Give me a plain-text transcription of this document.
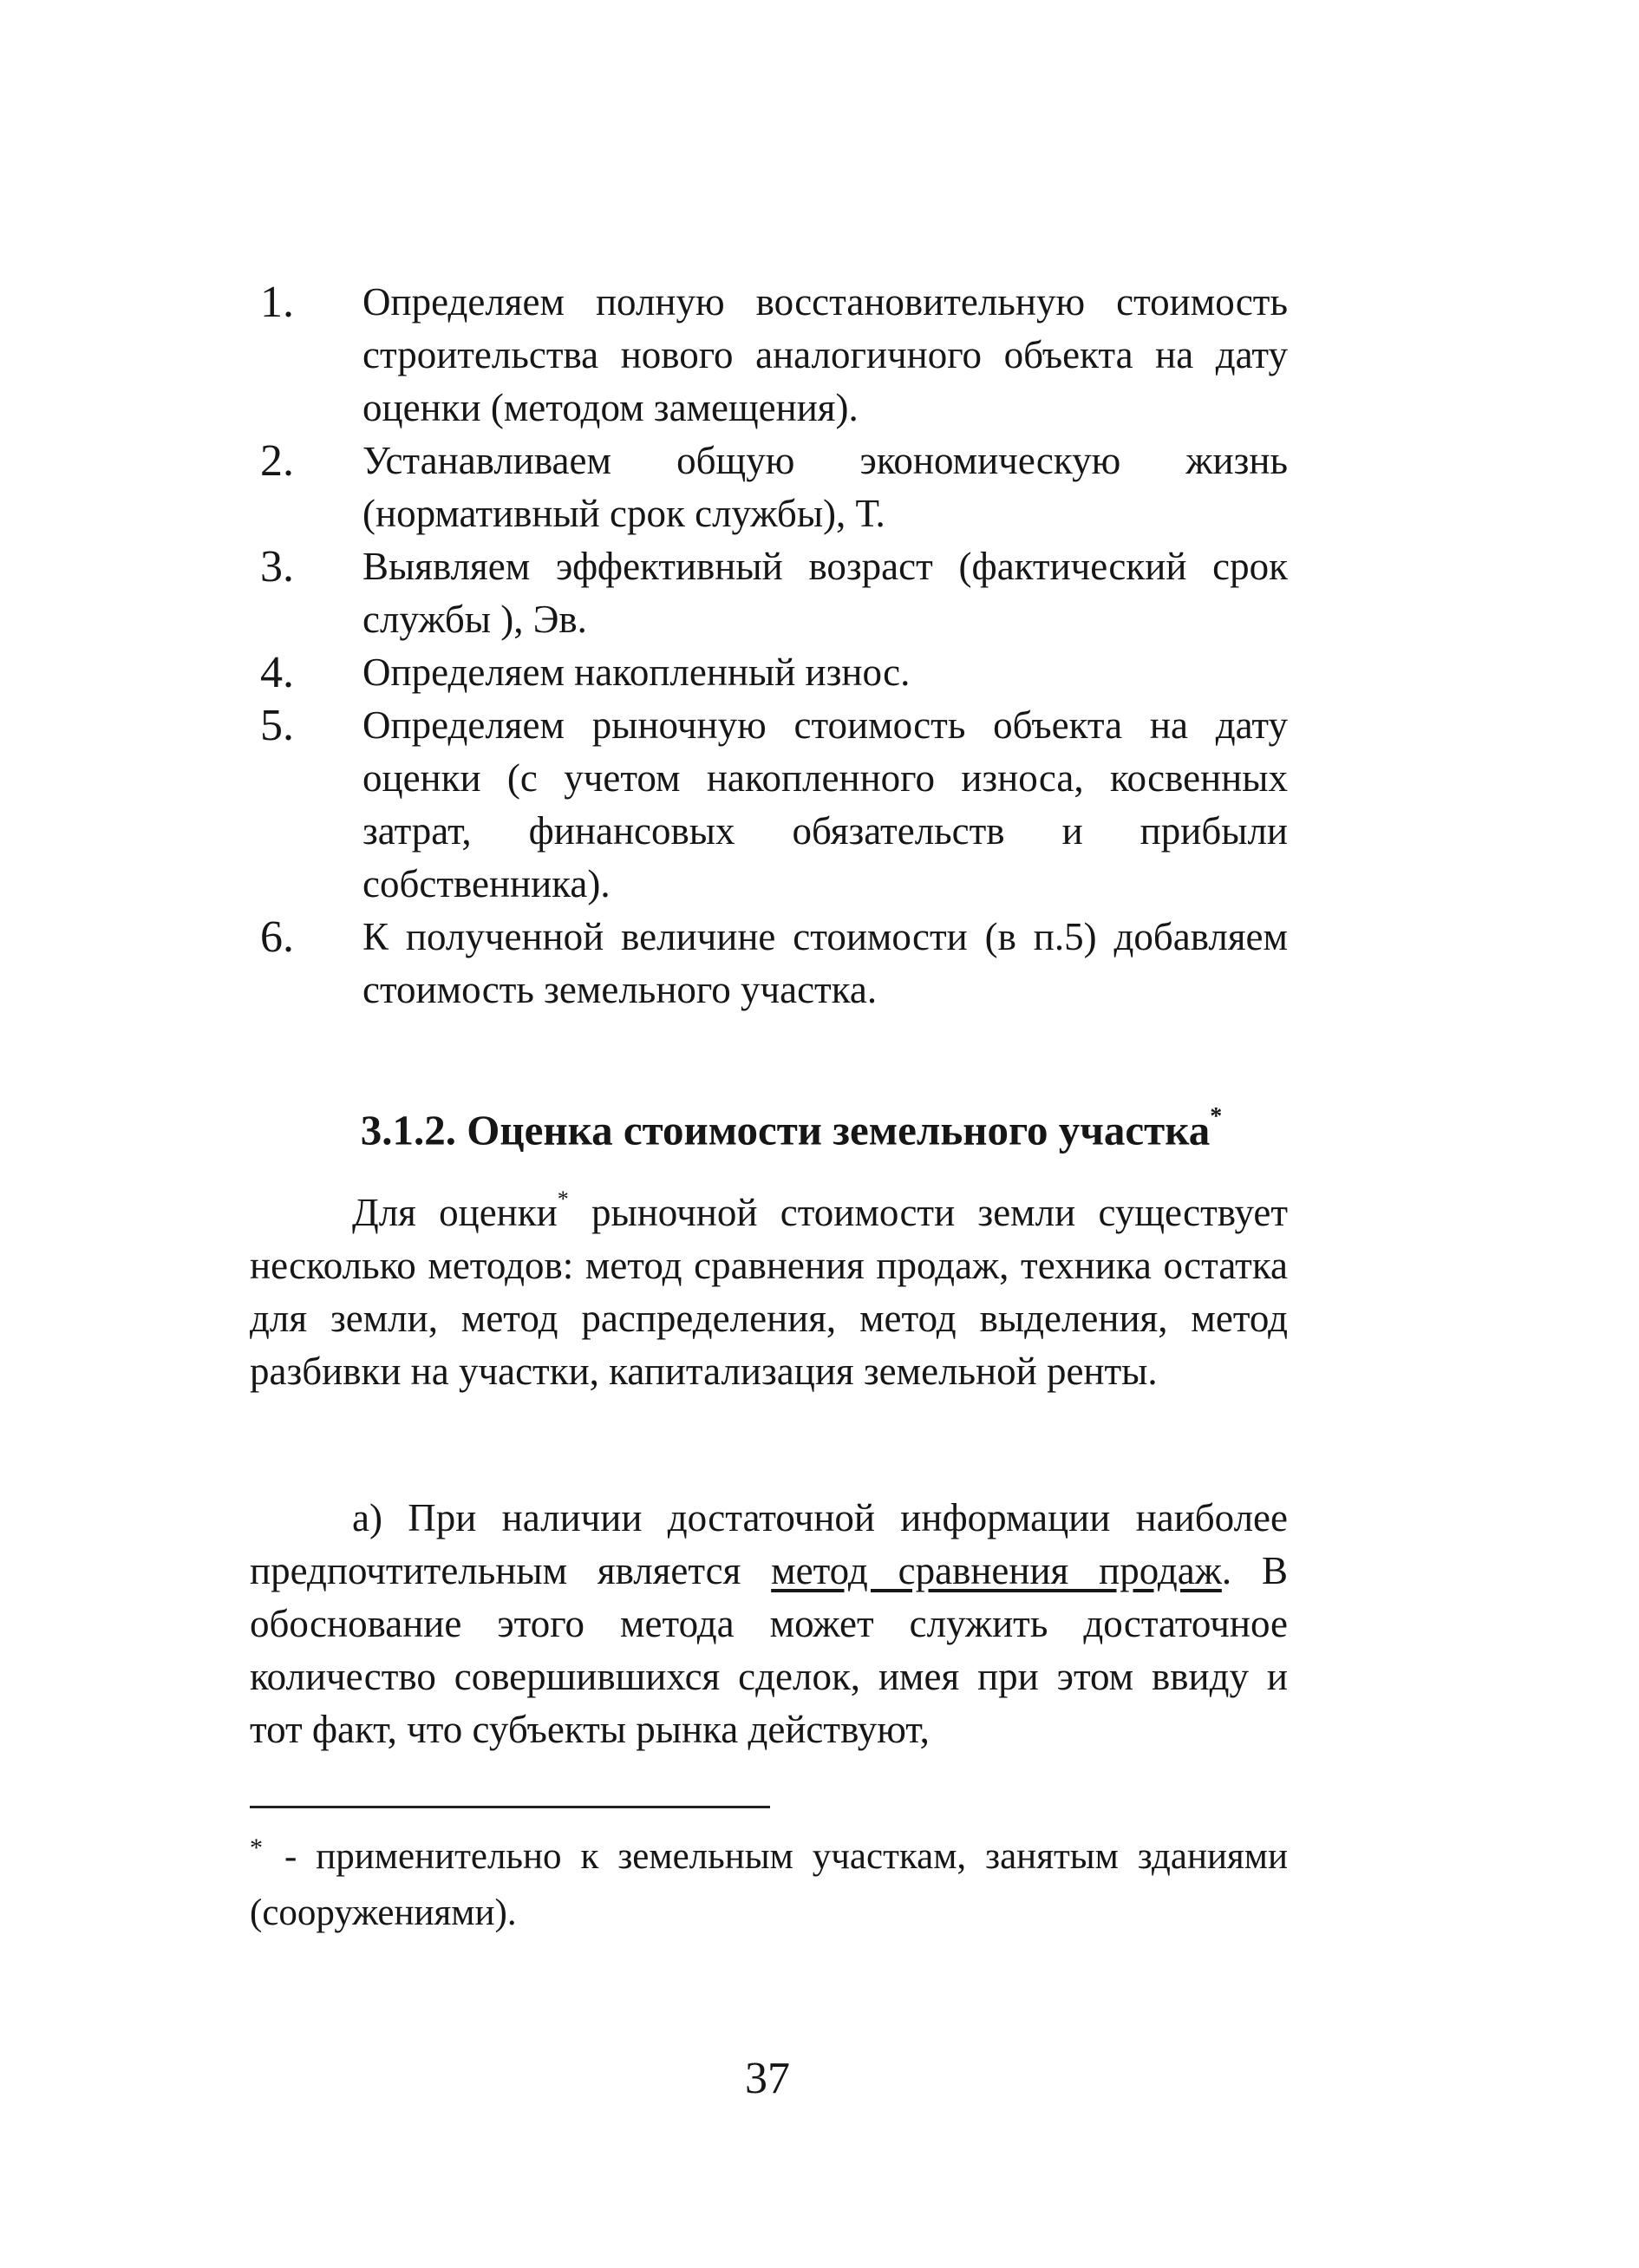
1.	Определяем полную восстановительную стоимость строительства нового аналогичного объекта на дату оценки (методом замещения).
2.	Устанавливаем общую экономическую жизнь (нормативный срок службы), Т.
3.	Выявляем эффективный возраст (фактический срок службы ), Эв.
4.	Определяем накопленный износ.
5.	Определяем рыночную стоимость объекта на дату оценки (с учетом накопленного износа, косвенных затрат, финансовых обязательств и прибыли собственника).
6.	К полученной величине стоимости (в п.5) добавляем стоимость земельного участка.
3.1.2. Оценка стоимости земельного участка*

Для оценки* рыночной стоимости земли существует несколько методов: метод сравнения продаж, техника остатка для земли, метод распределения, метод выделения, метод разбивки на участки, капитализация земельной ренты.

а) При наличии достаточной информации наиболее предпочтительным является метод сравнения продаж. В обоснование этого метода может служить достаточное количество совершившихся сделок, имея при этом ввиду и тот факт, что субъекты рынка действуют,

* - применительно к земельным участкам, занятым зданиями (сооружениями).

37
